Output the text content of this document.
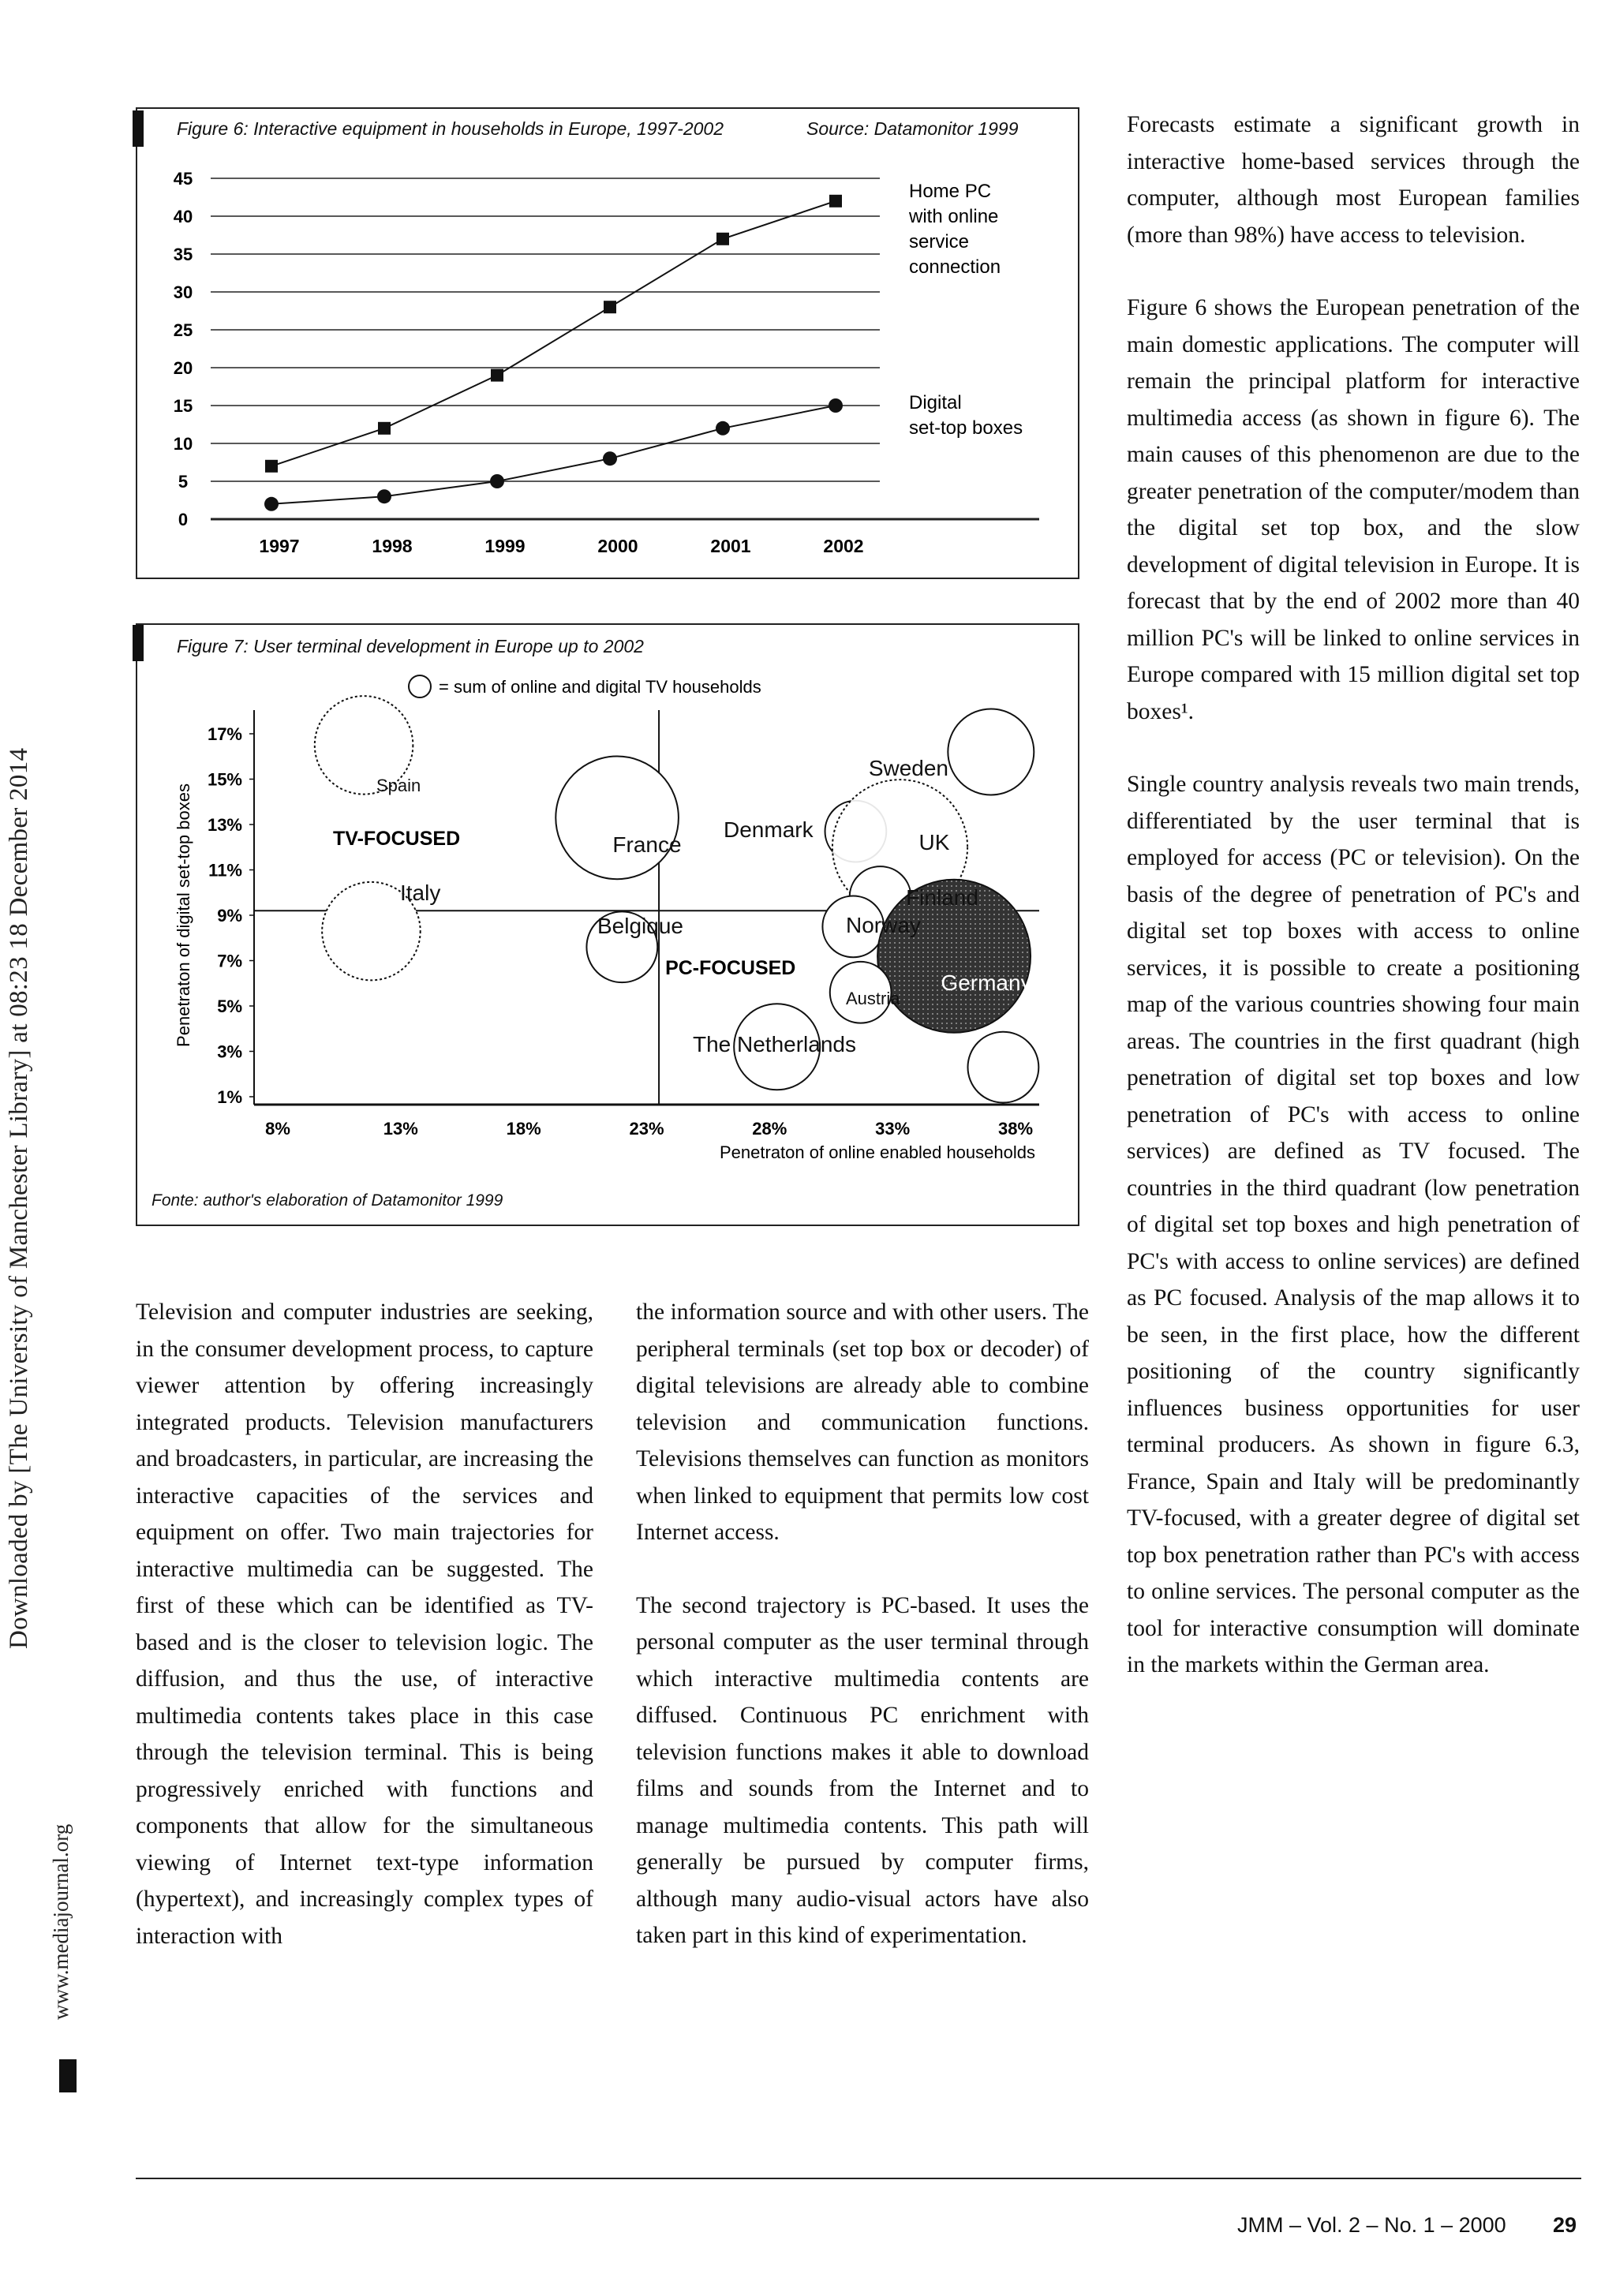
Downloaded by [The University of Manchester Library] at 08:23 18 December 2014
www.mediajournal.org
Figure 6: Interactive equipment in households in Europe, 1997-2002	Source: Datamonitor 1999
45
40
35
30
25
20
15
10
5
0
1997	1998	1999	2000	2001	2002
Home PC
with online
service
connection
Digital
set-top boxes
Figure 7: User terminal development in Europe up to 2002
Fonte: author's elaboration of Datamonitor 1999
= sum of online and digital TV households
17%
15%
13%
11%
9%
7%
5%
3%
1%
8%	13%	18%	23%	28%	33%	38%
Penetraton of online enabled households
Penetraton of digital set-top boxes	TV-FOCUSED
PC-FOCUSED
Spain
Italy
France
Belgique
Sweden
Denmark
UK
Finland
Norway
Germany
Austria
The Netherlands

Television and computer industries are seeking, in the consumer development process, to capture viewer attention by offering increasingly integrated products. Television manufacturers and broadcasters, in particular, are increasing the interactive capacities of the services and equipment on offer. Two main trajectories for interactive multimedia can be suggested. The first of these which can be identified as TV-based and is the closer to television logic. The diffusion, and thus the use, of interactive multimedia contents takes place in this case through the television terminal. This is being progressively enriched with functions and components that allow for the simultaneous viewing of Internet text-type information (hypertext), and increasingly complex types of interaction with

the information source and with other users. The peripheral terminals (set top box or decoder) of digital televisions are already able to combine television and communication functions. Televisions themselves can function as monitors when linked to equipment that permits low cost Internet access.

The second trajectory is PC-based. It uses the personal computer as the user terminal through which interactive multimedia contents are diffused. Continuous PC enrichment with television functions makes it able to download films and sounds from the Internet and to manage multimedia contents. This path will generally be pursued by computer firms, although many audio-visual actors have also taken part in this kind of experimentation.

Forecasts estimate a significant growth in interactive home-based services through the computer, although most European families (more than 98%) have access to television.

Figure 6 shows the European penetration of the main domestic applications. The computer will remain the principal platform for interactive multimedia access (as shown in figure 6). The main causes of this phenomenon are due to the greater penetration of the computer/modem than the digital set top box, and the slow development of digital television in Europe. It is forecast that by the end of 2002 more than 40 million PC's will be linked to online services in Europe compared with 15 million digital set top boxes¹.

Single country analysis reveals two main trends, differentiated by the user terminal that is employed for access (PC or television). On the basis of the degree of penetration of PC's and digital set top boxes with access to online services, it is possible to create a positioning map of the various countries showing four main areas. The countries in the first quadrant (high penetration of digital set top boxes and low penetration of PC's with access to online services) are defined as TV focused. The countries in the third quadrant (low penetration of digital set top boxes and high penetration of PC's with access to online services) are defined as PC focused. Analysis of the map allows it to be seen, in the first place, how the different positioning of the country significantly influences business opportunities for user terminal producers. As shown in figure 6.3, France, Spain and Italy will be predominantly TV-focused, with a greater degree of digital set top box penetration rather than PC's with access to online services. The personal computer as the tool for interactive consumption will dominate in the markets within the German area.

JMM – Vol. 2 – No. 1 – 2000 29
